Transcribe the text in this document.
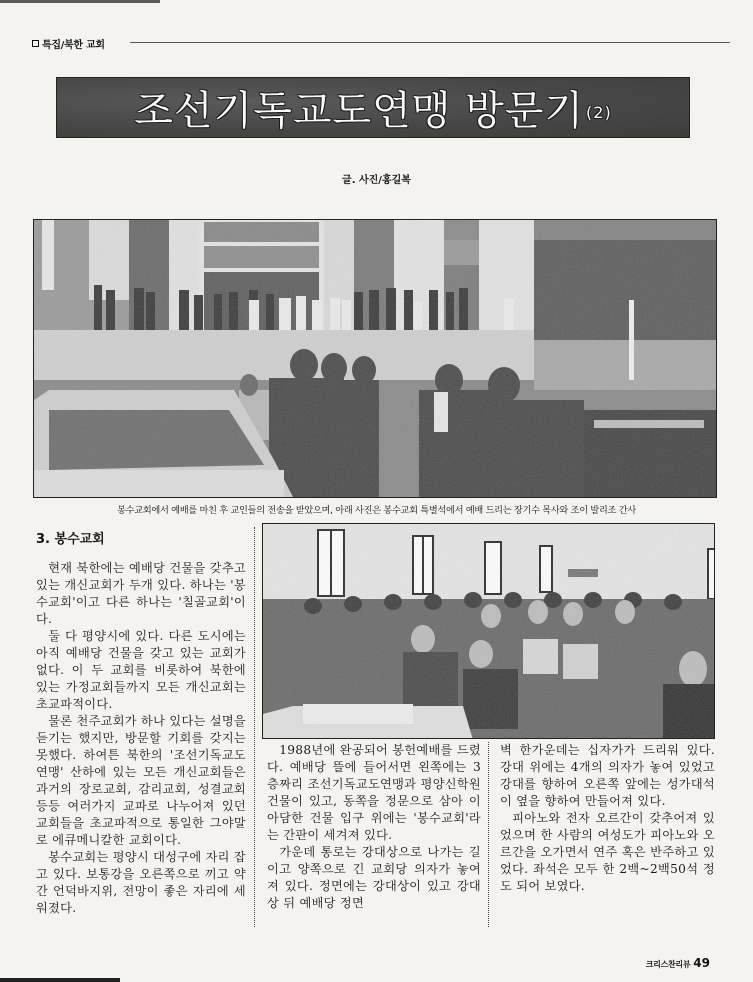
특집/북한 교회
조선기독교도연맹 방문기 (2)
글. 사진/홍길복
봉수교회에서 예배를 마친 후 교인들의 전송을 받았으며, 아래 사진은 봉수교회 특별석에서 예배 드리는 장기수 목사와 조이 발리조 간사
3. 봉수교회

현재 북한에는 예배당 건물을 갖추고 있는 개신교회가 두개 있다. 하나는 '봉수교회'이고 다른 하나는 '칠골교회'이다.

둘 다 평양시에 있다. 다른 도시에는 아직 예배당 건물을 갖고 있는 교회가 없다. 이 두 교회를 비롯하여 북한에 있는 가정교회들까지 모든 개신교회는 초교파적이다.

물론 천주교회가 하나 있다는 설명을 듣기는 했지만, 방문할 기회를 갖지는 못했다. 하여튼 북한의 '조선기독교도연맹' 산하에 있는 모든 개신교회들은 과거의 장로교회, 감리교회, 성결교회 등등 여러가지 교파로 나누어져 있던 교회들을 초교파적으로 통일한 그야말로 에큐메니칼한 교회이다.

봉수교회는 평양시 대성구에 자리 잡고 있다. 보통강을 오른쪽으로 끼고 약간 언덕바지위, 전망이 좋은 자리에 세워졌다.

1988년에 완공되어 봉헌예배를 드렸다. 예배당 뜰에 들어서면 왼쪽에는 3층짜리 조선기독교도연맹과 평양신학원 건물이 있고, 동쪽을 정문으로 삼아 이 아담한 건물 입구 위에는 '봉수교회'라는 간판이 세겨져 있다.

가운데 통로는 강대상으로 나가는 길이고 양쪽으로 긴 교회당 의자가 놓여져 있다. 정면에는 강대상이 있고 강대상 뒤 예배당 정면

벽 한가운데는 십자가가 드리워 있다. 강대 위에는 4개의 의자가 놓여 있었고 강대를 향하여 오른쪽 앞에는 성가대석이 옆을 향하여 만들어져 있다.

피아노와 전자 오르간이 갖추어져 있었으며 한 사람의 여성도가 피아노와 오르간을 오가면서 연주 혹은 반주하고 있었다. 좌석은 모두 한 2백~2백50석 정도 되어 보였다.

크리스찬리뷰 49
